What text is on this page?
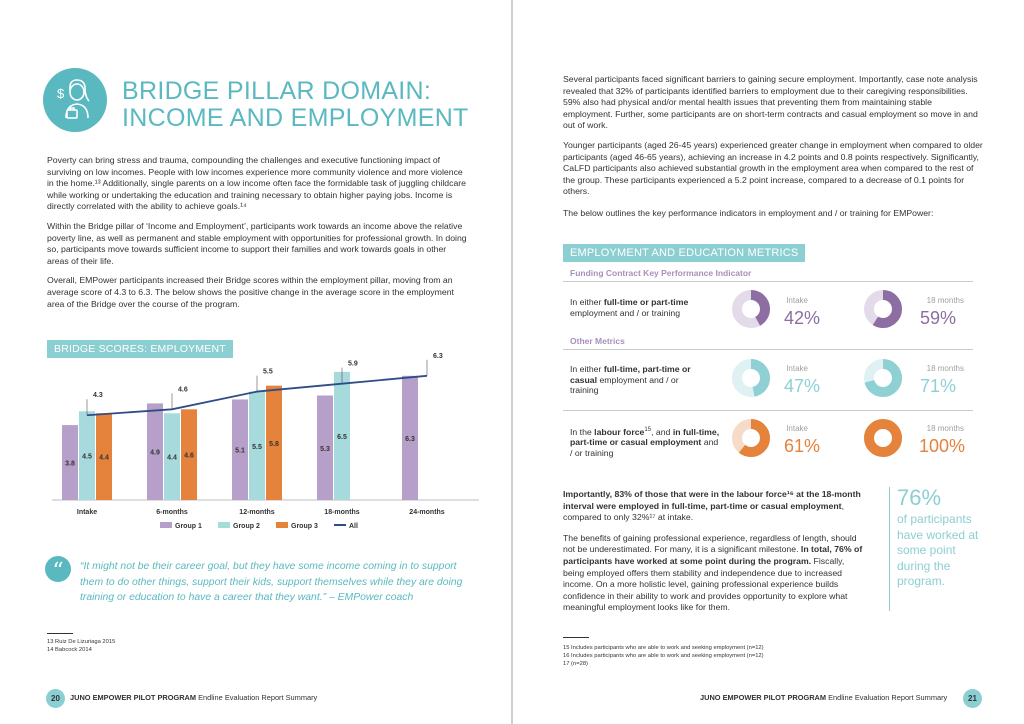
$ BRIDGE PILLAR DOMAIN:
INCOME AND EMPLOYMENT

Poverty can bring stress and trauma, compounding the challenges and executive functioning impact of surviving on low incomes. People with low incomes experience more community violence and more violence in the home.¹³ Additionally, single parents on a low income often face the formidable task of juggling childcare while working or undertaking the education and training necessary to obtain higher paying jobs. Income is directly correlated with the ability to achieve goals.¹⁴

Within the Bridge pillar of ‘Income and Employment’, participants work towards an income above the relative poverty line, as well as permanent and stable employment with opportunities for professional growth. In doing so, participants move towards sufficient income to support their families and work towards goals in other areas of their life.

Overall, EMPower participants increased their Bridge scores within the employment pillar, moving from an average score of 4.3 to 6.3. The below shows the positive change in the average score in the employment area of the Bridge over the course of the program.

BRIDGE SCORES: EMPLOYMENT
3.8
4.5 4.4
Intake
4.9
4.4 4.6
6-months
5.1
5.5 5.8
12-months
5.3
6.5
18-months
6.3
24-months
4.3
4.6
5.5
5.9
6.3
Group 1	Group 2	Group 3	All
“	“It might not be their career goal, but they have some income coming in to support them to do other things, support their kids, support themselves while they are doing training or education to have a career that they want.” – EMPower coach
13 Ruiz De Lizuriaga 2015
14 Babcock 2014
20	JUNO EMPOWER PILOT PROGRAM Endline Evaluation Report Summary

Several participants faced significant barriers to gaining secure employment. Importantly, case note analysis revealed that 32% of participants identified barriers to employment due to their caregiving responsibilities. 59% also had physical and/or mental health issues that preventing them from maintaining stable employment. Further, some participants are on short-term contracts and casual employment so move in and out of work.

Younger participants (aged 26-45 years) experienced greater change in employment when compared to older participants (aged 46-65 years), achieving an increase in 4.2 points and 0.8 points respectively. Significantly, CaLFD participants also achieved substantial growth in the employment area when compared to the rest of the group. These participants experienced a 5.2 point increase, compared to a decrease of 0.1 points for others.

The below outlines the key performance indicators in employment and / or training for EMPower:

EMPLOYMENT AND EDUCATION METRICS
Funding Contract Key Performance Indicator
In either full-time or part-time employment and / or training
Intake
42%
18 months
59%
Other Metrics
In either full-time, part-time or casual employment and / or training
Intake
47%
18 months
71%
In the labour force$^{15}$, and in full-time, part-time or casual employment and / or training
Intake
61%
18 months
100%

Importantly, 83% of those that were in the labour force¹⁶ at the 18-month interval were employed in full-time, part-time or casual employment, compared to only 32%¹⁷ at intake.

The benefits of gaining professional experience, regardless of length, should not be underestimated. For many, it is a significant milestone. In total, 76% of participants have worked at some point during the program. Fiscally, being employed offers them stability and independence due to increased income. On a more holistic level, gaining professional experience builds confidence in their ability to work and provides opportunity to explore what meaningful employment looks like for them.

76%
of participants have worked at some point during the program.
15 Includes participants who are able to work and seeking employment (n=12)
16 Includes participants who are able to work and seeking employment (n=12)
17 (n=28)
JUNO EMPOWER PILOT PROGRAM Endline Evaluation Report Summary	21
